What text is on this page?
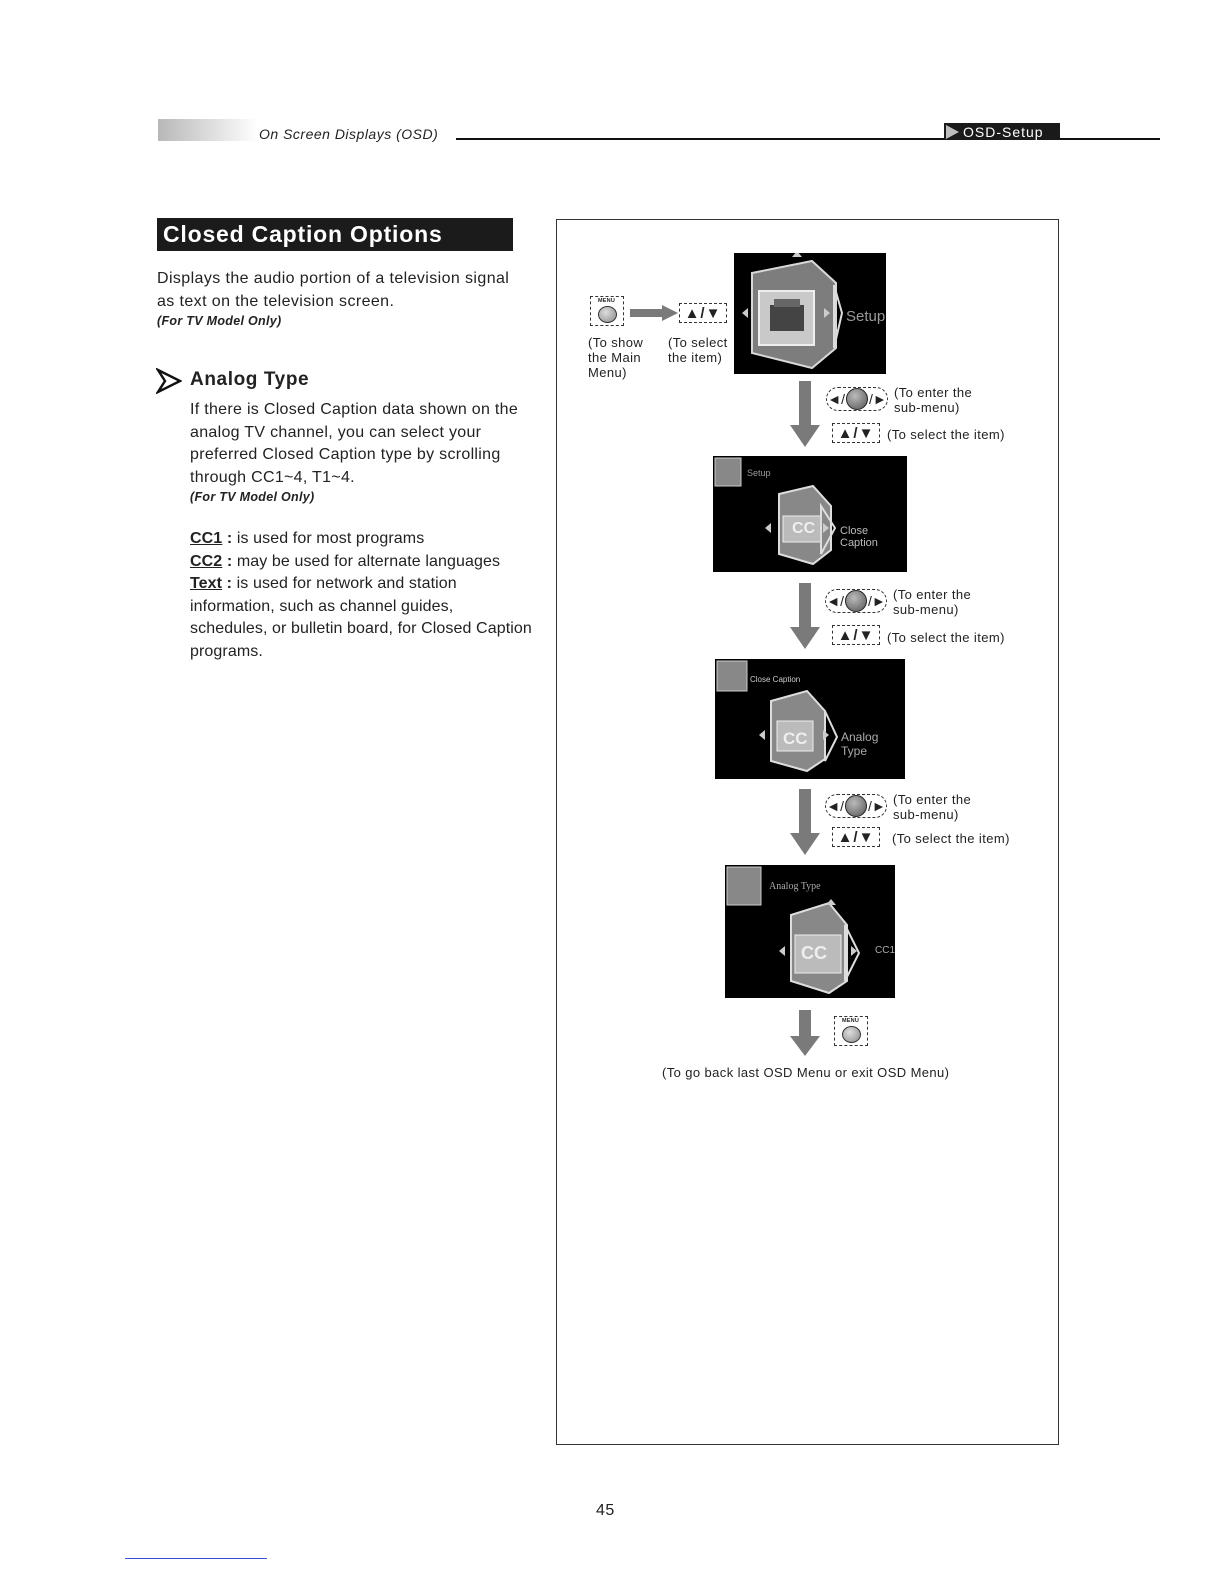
On Screen Displays (OSD)	OSD-Setup
Closed Caption Options

Displays the audio portion of a television signal as text on the television screen.

(For TV Model Only)
Analog Type

If there is Closed Caption data shown on the analog TV channel, you can select your preferred Closed Caption type by scrolling through CC1~4, T1~4.

(For TV Model Only)
CC1 : is used for most programs
CC2 : may be used for alternate languages
Text : is used for network and station information, such as channel guides, schedules, or bulletin board, for Closed Caption programs.
MENU
▲/▼
(To show
the Main
Menu)
(To select
the item)
Setup
◄/ /► (To enter the
sub-menu)
▲/▼ (To select the item)
Setup
CC Close Caption
◄/ /► (To enter the
sub-menu)
▲/▼ (To select the item)
Close Caption
CC	Analog Type
◄/ /► (To enter the
sub-menu)
▲/▼	(To select the item)
Analog Type
CC	CC1
MENU
(To go back last OSD Menu or exit OSD Menu)
45
